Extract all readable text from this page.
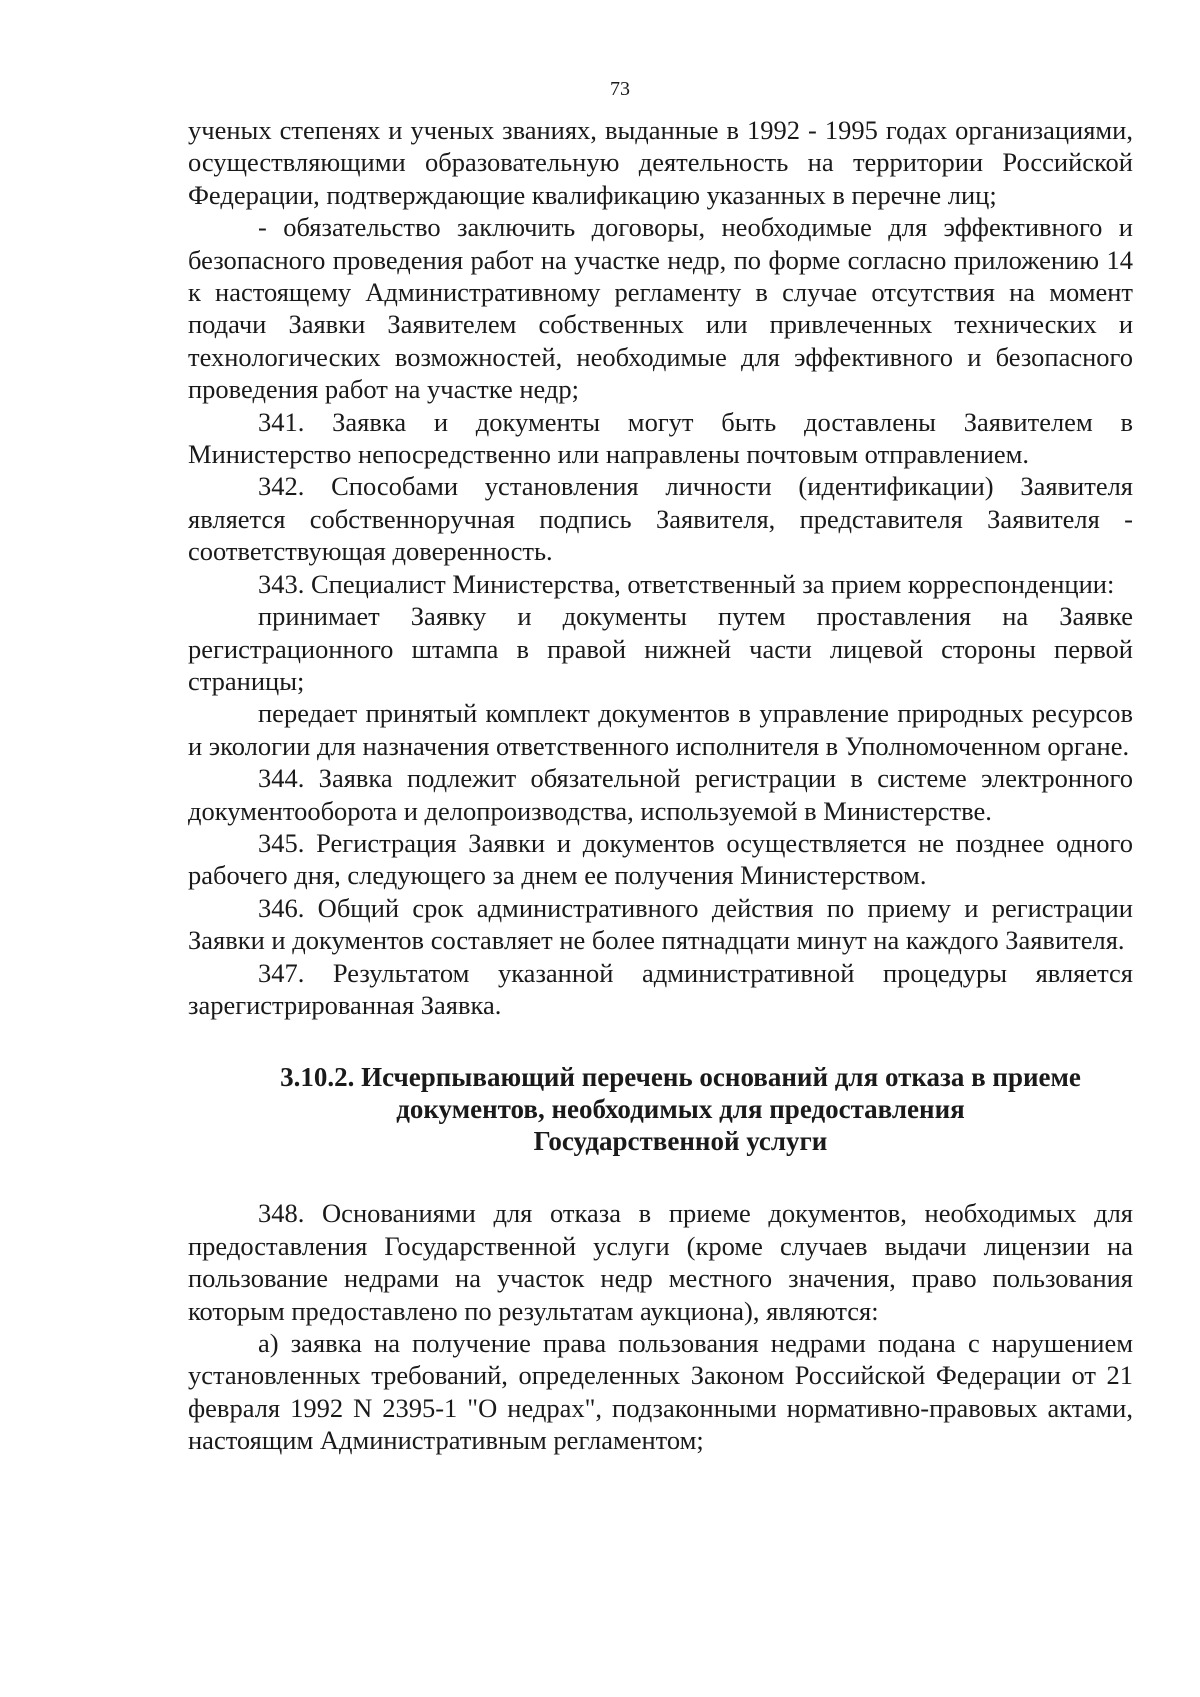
73

ученых степенях и ученых званиях, выданные в 1992 - 1995 годах организациями, осуществляющими образовательную деятельность на территории Российской Федерации, подтверждающие квалификацию указанных в перечне лиц;

- обязательство заключить договоры, необходимые для эффективного и безопасного проведения работ на участке недр, по форме согласно приложению 14 к настоящему Административному регламенту в случае отсутствия на момент подачи Заявки Заявителем собственных или привлеченных технических и технологических возможностей, необходимые для эффективного и безопасного проведения работ на участке недр;

341. Заявка и документы могут быть доставлены Заявителем в Министерство непосредственно или направлены почтовым отправлением.

342. Способами установления личности (идентификации) Заявителя является собственноручная подпись Заявителя, представителя Заявителя - соответствующая доверенность.

343. Специалист Министерства, ответственный за прием корреспонденции:

принимает Заявку и документы путем проставления на Заявке регистрационного штампа в правой нижней части лицевой стороны первой страницы;

передает принятый комплект документов в управление природных ресурсов и экологии для назначения ответственного исполнителя в Уполномоченном органе.

344. Заявка подлежит обязательной регистрации в системе электронного документооборота и делопроизводства, используемой в Министерстве.

345. Регистрация Заявки и документов осуществляется не позднее одного рабочего дня, следующего за днем ее получения Министерством.

346. Общий срок административного действия по приему и регистрации Заявки и документов составляет не более пятнадцати минут на каждого Заявителя.

347. Результатом указанной административной процедуры является зарегистрированная Заявка.

3.10.2. Исчерпывающий перечень оснований для отказа в приеме
документов, необходимых для предоставления
Государственной услуги

348. Основаниями для отказа в приеме документов, необходимых для предоставления Государственной услуги (кроме случаев выдачи лицензии на пользование недрами на участок недр местного значения, право пользования которым предоставлено по результатам аукциона), являются:

а) заявка на получение права пользования недрами подана с нарушением установленных требований, определенных Законом Российской Федерации от 21 февраля 1992 N 2395-1 "О недрах", подзаконными нормативно-правовых актами, настоящим Административным регламентом;
